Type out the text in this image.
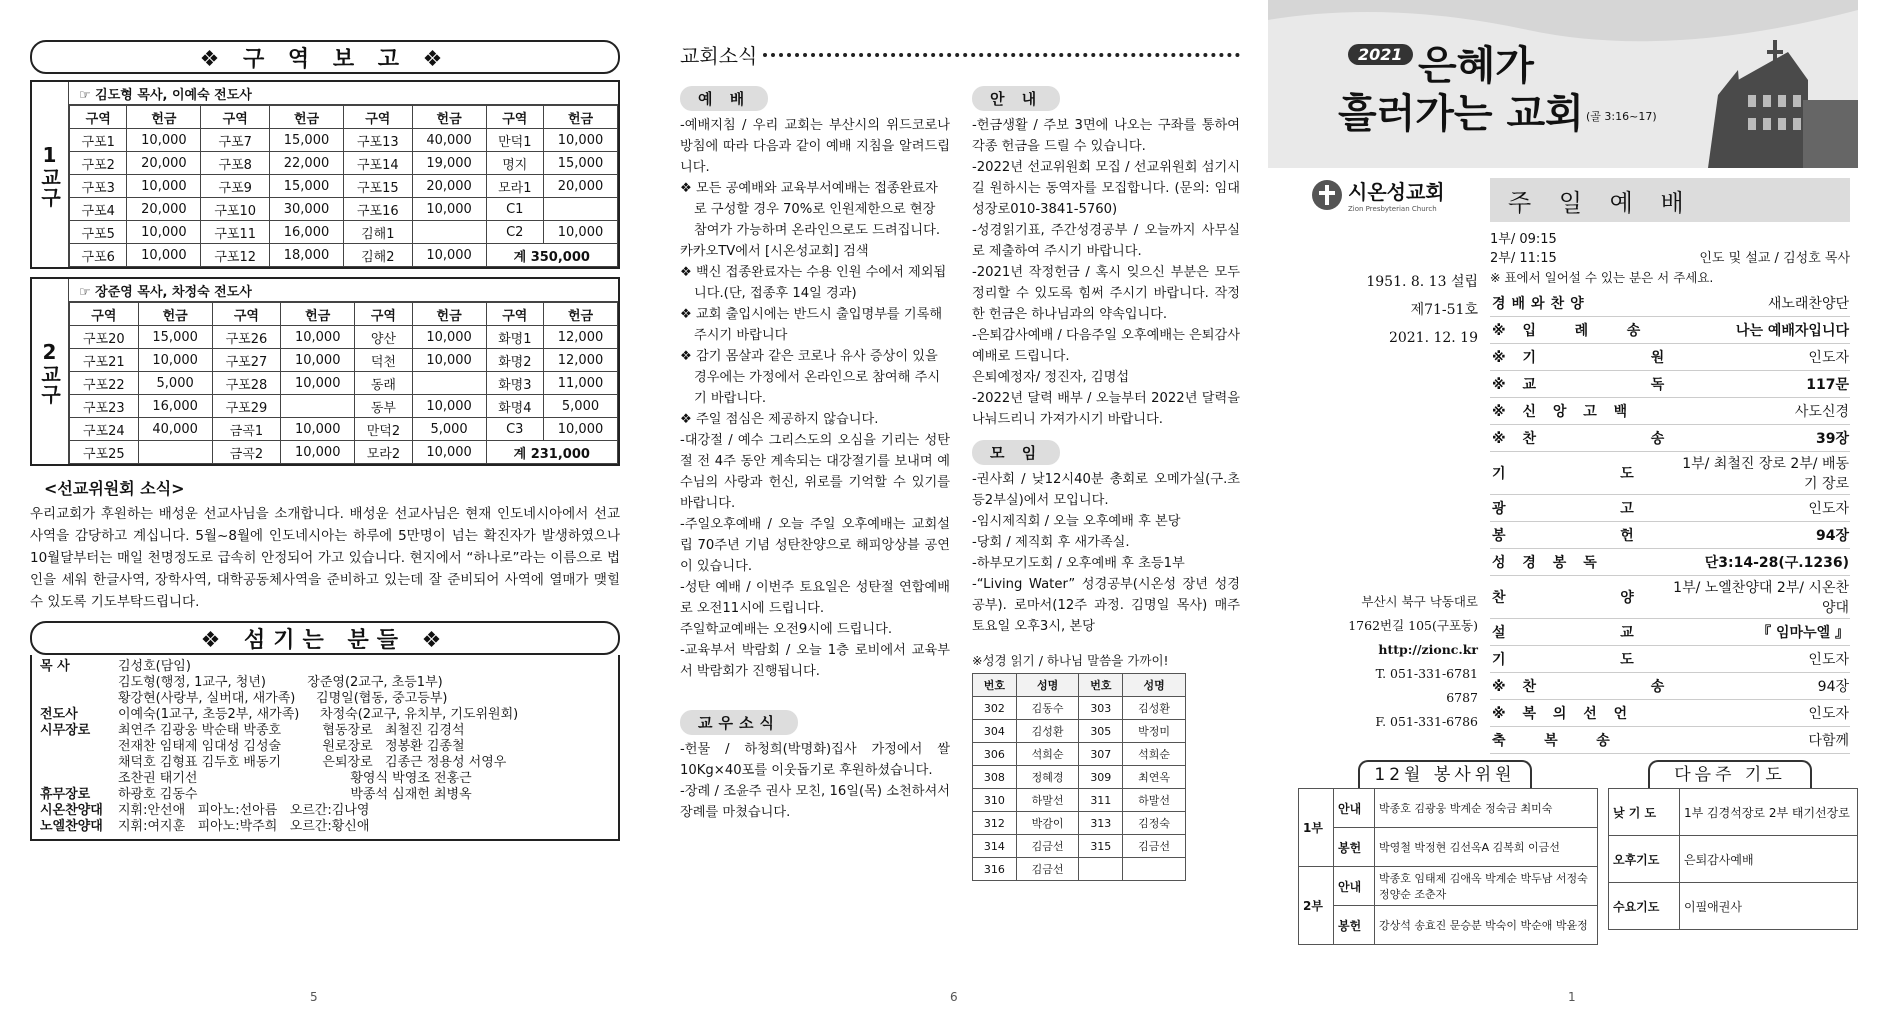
❖ 구 역 보 고 ❖
1교구
☞ 김도형 목사, 이예숙 전도사
구역	헌금	구역	헌금	구역	헌금	구역	헌금
구포1	10,000	구포7	15,000	구포13	40,000	만덕1	10,000
구포2	20,000	구포8	22,000	구포14	19,000	명지	15,000
구포3	10,000	구포9	15,000	구포15	20,000	모라1	20,000
구포4	20,000	구포10	30,000	구포16	10,000	C1	
구포5	10,000	구포11	16,000	김해1		C2	10,000
구포6	10,000	구포12	18,000	김해2	10,000	계 350,000	
2교구
☞ 장준영 목사, 차정숙 전도사
구역	헌금	구역	헌금	구역	헌금	구역	헌금
구포20	15,000	구포26	10,000	양산	10,000	화명1	12,000
구포21	10,000	구포27	10,000	덕천	10,000	화명2	12,000
구포22	5,000	구포28	10,000	동래		화명3	11,000
구포23	16,000	구포29		동부	10,000	화명4	5,000
구포24	40,000	금곡1	10,000	만덕2	5,000	C3	10,000
구포25		금곡2	10,000	모라2	10,000	계 231,000	
<선교위원회 소식>
우리교회가 후원하는 배성운 선교사님을 소개합니다. 배성운 선교사님은 현재 인도네시아에서 선교사역을 감당하고 계십니다. 5월~8월에 인도네시아는 하루에 5만명이 넘는 확진자가 발생하였으나 10월달부터는 매일 천명정도로 급속히 안정되어 가고 있습니다. 현지에서 “하나로”라는 이름으로 법인을 세워 한글사역, 장학사역, 대학공동체사역을 준비하고 있는데 잘 준비되어 사역에 열매가 맺힐 수 있도록 기도부탁드립니다.
❖ 섬기는 분들 ❖
목 사	김성호(담임)
김도형(행정, 1교구, 청년)          장준영(2교구, 초등1부)
황강현(사랑부, 실버대, 새가족)     김명일(협동, 중고등부)
전도사	이예숙(1교구, 초등2부, 새가족)     차정숙(2교구, 유치부, 기도위원회)
시무장로	최연주 김광웅 박순태 박종호          협동장로   최철진 김경석
전재찬 임태제 임대성 김성술          원로장로   정봉환 김종철
채덕호 김형표 김두호 배동기          은퇴장로   김종근 정용성 서영우
조찬권 태기선                                     황영식 박영조 전홍근
휴무장로	하광호 김동수                                     박종석 심재헌 최병옥
시온찬양대	지휘:안선애   피아노:선아름   오르간:김나영
노엘찬양대	지휘:여지훈   피아노:박주희   오르간:황신애
5
교회소식
예 배

-예배지침 / 우리 교회는 부산시의 위드코로나 방침에 따라 다음과 같이 예배 지침을 알려드립니다.

❖ 모든 공예배와 교육부서예배는 접종완료자로 구성할 경우 70%로 인원제한으로 현장 참여가 가능하며 온라인으로도 드려집니다.

카카오TV에서 [시온성교회] 검색

❖ 백신 접종완료자는 수용 인원 수에서 제외됩니다.(단, 접종후 14일 경과)

❖ 교회 출입시에는 반드시 출입명부를 기록해주시기 바랍니다

❖ 감기 몸살과 같은 코로나 유사 증상이 있을 경우에는 가정에서 온라인으로 참여해 주시기 바랍니다.

❖ 주일 점심은 제공하지 않습니다.

-대강절 / 예수 그리스도의 오심을 기리는 성탄절 전 4주 동안 계속되는 대강절기를 보내며 예수님의 사랑과 헌신, 위로를 기억할 수 있기를 바랍니다.

-주일오후예배 / 오늘 주일 오후예배는 교회설립 70주년 기념 성탄찬양으로 해피앙상블 공연이 있습니다.

-성탄 예배 / 이번주 토요일은 성탄절 연합예배로 오전11시에 드립니다.

주일학교예배는 오전9시에 드립니다.

-교육부서 박람회 / 오늘 1층 로비에서 교육부서 박람회가 진행됩니다.

교우소식

-헌물 / 하청희(박명화)집사 가정에서 쌀 10Kg×40포를 이웃돕기로 후원하셨습니다.

-장례 / 조윤주 권사 모친, 16일(목) 소천하셔서 장례를 마쳤습니다.

안 내

-헌금생활 / 주보 3면에 나오는 구좌를 통하여 각종 헌금을 드릴 수 있습니다.

-2022년 선교위원회 모집 / 선교위원회 섬기시길 원하시는 동역자를 모집합니다. (문의: 임대성장로010-3841-5760)

-성경읽기표, 주간성경공부 / 오늘까지 사무실로 제출하여 주시기 바랍니다.

-2021년 작정헌금 / 혹시 잊으신 부분은 모두 정리할 수 있도록 힘써 주시기 바랍니다. 작정한 헌금은 하나님과의 약속입니다.

-은퇴감사예배 / 다음주일 오후예배는 은퇴감사예배로 드립니다.

은퇴예정자/ 정진자, 김명섭

-2022년 달력 배부 / 오늘부터 2022년 달력을 나눠드리니 가져가시기 바랍니다.

모 임

-권사회 / 낮12시40분 총회로 오메가실(구.초등2부실)에서 모입니다.

-임시제직회 / 오늘 오후예배 후 본당

-당회 / 제직회 후 새가족실.

-하부모기도회 / 오후예배 후 초등1부

-“Living Water” 성경공부(시온성 장년 성경공부). 로마서(12주 과정. 김명일 목사) 매주 토요일 오후3시, 본당

※성경 읽기 / 하나님 말씀을 가까이!
번호	성명	번호	성명
302	김동수	303	김성환
304	김성환	305	박정미
306	석희순	307	석희순
308	정혜경	309	최연옥
310	하말선	311	하말선
312	박감이	313	김정숙
314	김금선	315	김금선
316	김금선		
6
2021 은혜가
흘러가는 교회 (골 3:16~17)
시온성교회
Zion Presbyterian Church	주 일 예 배
1부/ 09:15
2부/ 11:15	인도 및 설교 / 김성호 목사
1951. 8. 13 설립
제71-51호
2021. 12. 19
※ 표에서 일어설 수 있는 분은 서 주세요.
경배와찬양	새노래찬양단
※ 입   례   송	나는 예배자입니다
※ 기          원	인도자
※ 교          독	117문
※ 신 앙 고 백	사도신경
※ 찬          송	39장
기          도	1부/ 최철진 장로 2부/ 배동기 장로
광          고	인도자
봉          헌	94장
성 경 봉 독	단3:14-28(구.1236)
찬          양	1부/ 노엘찬양대 2부/ 시온찬양대
설          교	『 임마누엘 』
기          도	인도자
※ 찬          송	94장
※ 복 의 선 언	인도자
축   복   송	다함께
부산시 북구 낙동대로
1762번길 105(구포동)
http://zionc.kr
T. 051-331-6781
6787
F. 051-331-6786
12월 봉사위원
1부	안내	박종호 김광웅 박계순 정숙금 최미숙
	봉헌	박영철 박정현 김선옥A 김복희 이금선
2부	안내	박종호 임태제 김애옥 박계순 박두남 서정숙 정양순 조춘자
	봉헌	강상석 송효진 문승분 박숙이 박순애 박윤정
다음주 기도
낮 기 도	1부 김경석장로 2부 태기선장로
오후기도	은퇴감사예배
수요기도	이필애권사
1
